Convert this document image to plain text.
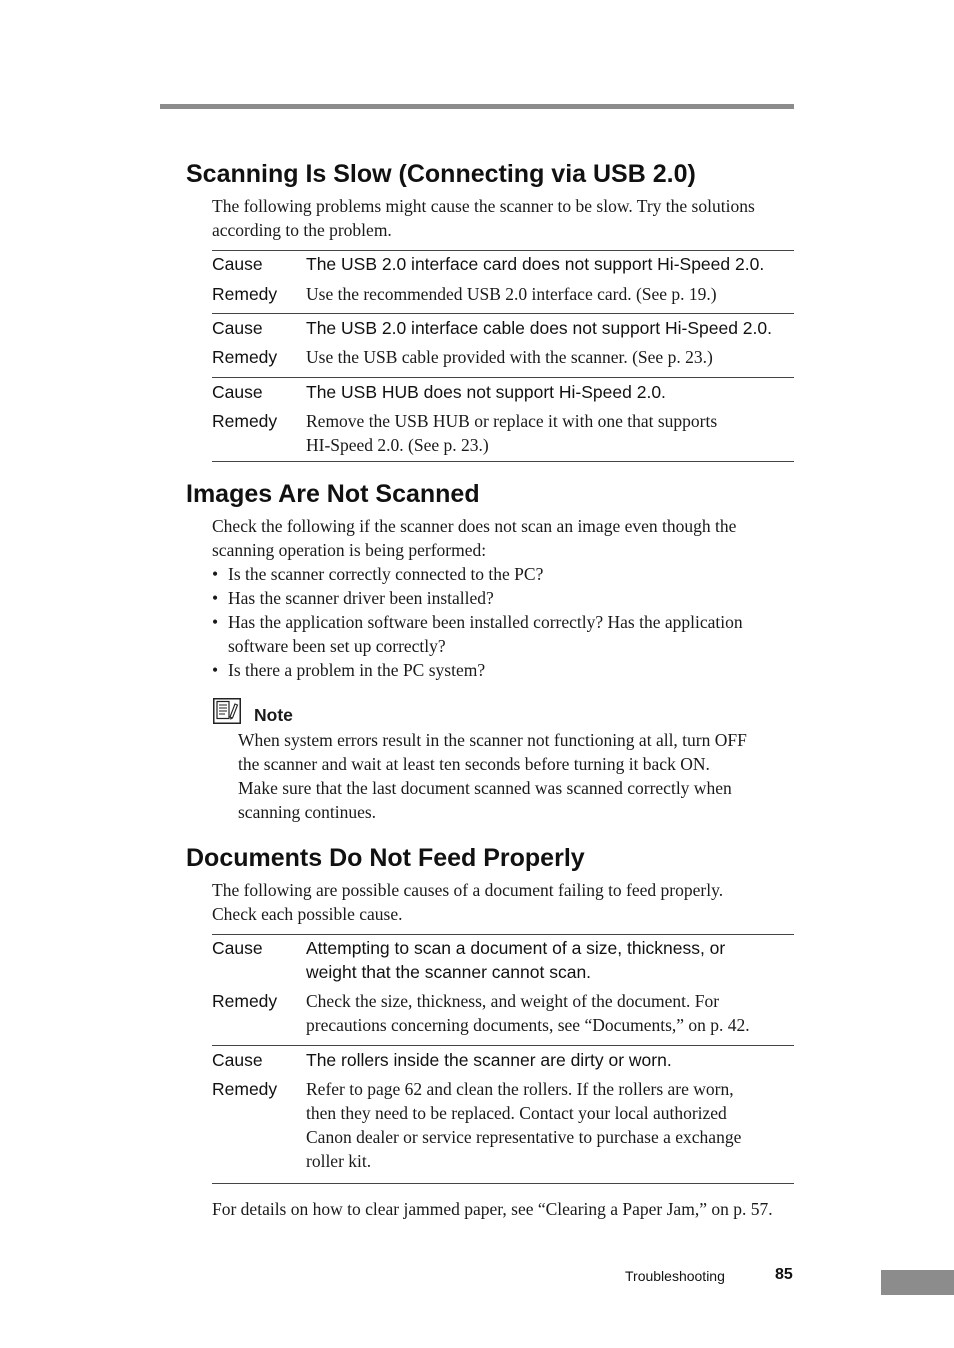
Scanning Is Slow (Connecting via USB 2.0)

The following problems might cause the scanner to be slow. Try the solutions
according to the problem.

Cause The USB 2.0 interface card does not support Hi-Speed 2.0.
Remedy Use the recommended USB 2.0 interface card. (See p. 19.)
Cause The USB 2.0 interface cable does not support Hi-Speed 2.0.
Remedy Use the USB cable provided with the scanner. (See p. 23.)
Cause The USB HUB does not support Hi-Speed 2.0.
Remedy Remove the USB HUB or replace it with one that supports
HI-Speed 2.0. (See p. 23.)
Images Are Not Scanned

Check the following if the scanner does not scan an image even though the
scanning operation is being performed:

• Is the scanner correctly connected to the PC?
• Has the scanner driver been installed?
• Has the application software been installed correctly? Has the application
software been set up correctly?
• Is there a problem in the PC system?
Note

When system errors result in the scanner not functioning at all, turn OFF
the scanner and wait at least ten seconds before turning it back ON.
Make sure that the last document scanned was scanned correctly when
scanning continues.

Documents Do Not Feed Properly

The following are possible causes of a document failing to feed properly.
Check each possible cause.

Cause Attempting to scan a document of a size, thickness, or
weight that the scanner cannot scan.
Remedy Check the size, thickness, and weight of the document. For
precautions concerning documents, see “Documents,” on p. 42.
Cause The rollers inside the scanner are dirty or worn.
Remedy Refer to page 62 and clean the rollers. If the rollers are worn,
then they need to be replaced. Contact your local authorized
Canon dealer or service representative to purchase a exchange
roller kit.

For details on how to clear jammed paper, see “Clearing a Paper Jam,” on p. 57.

Troubleshooting	85
